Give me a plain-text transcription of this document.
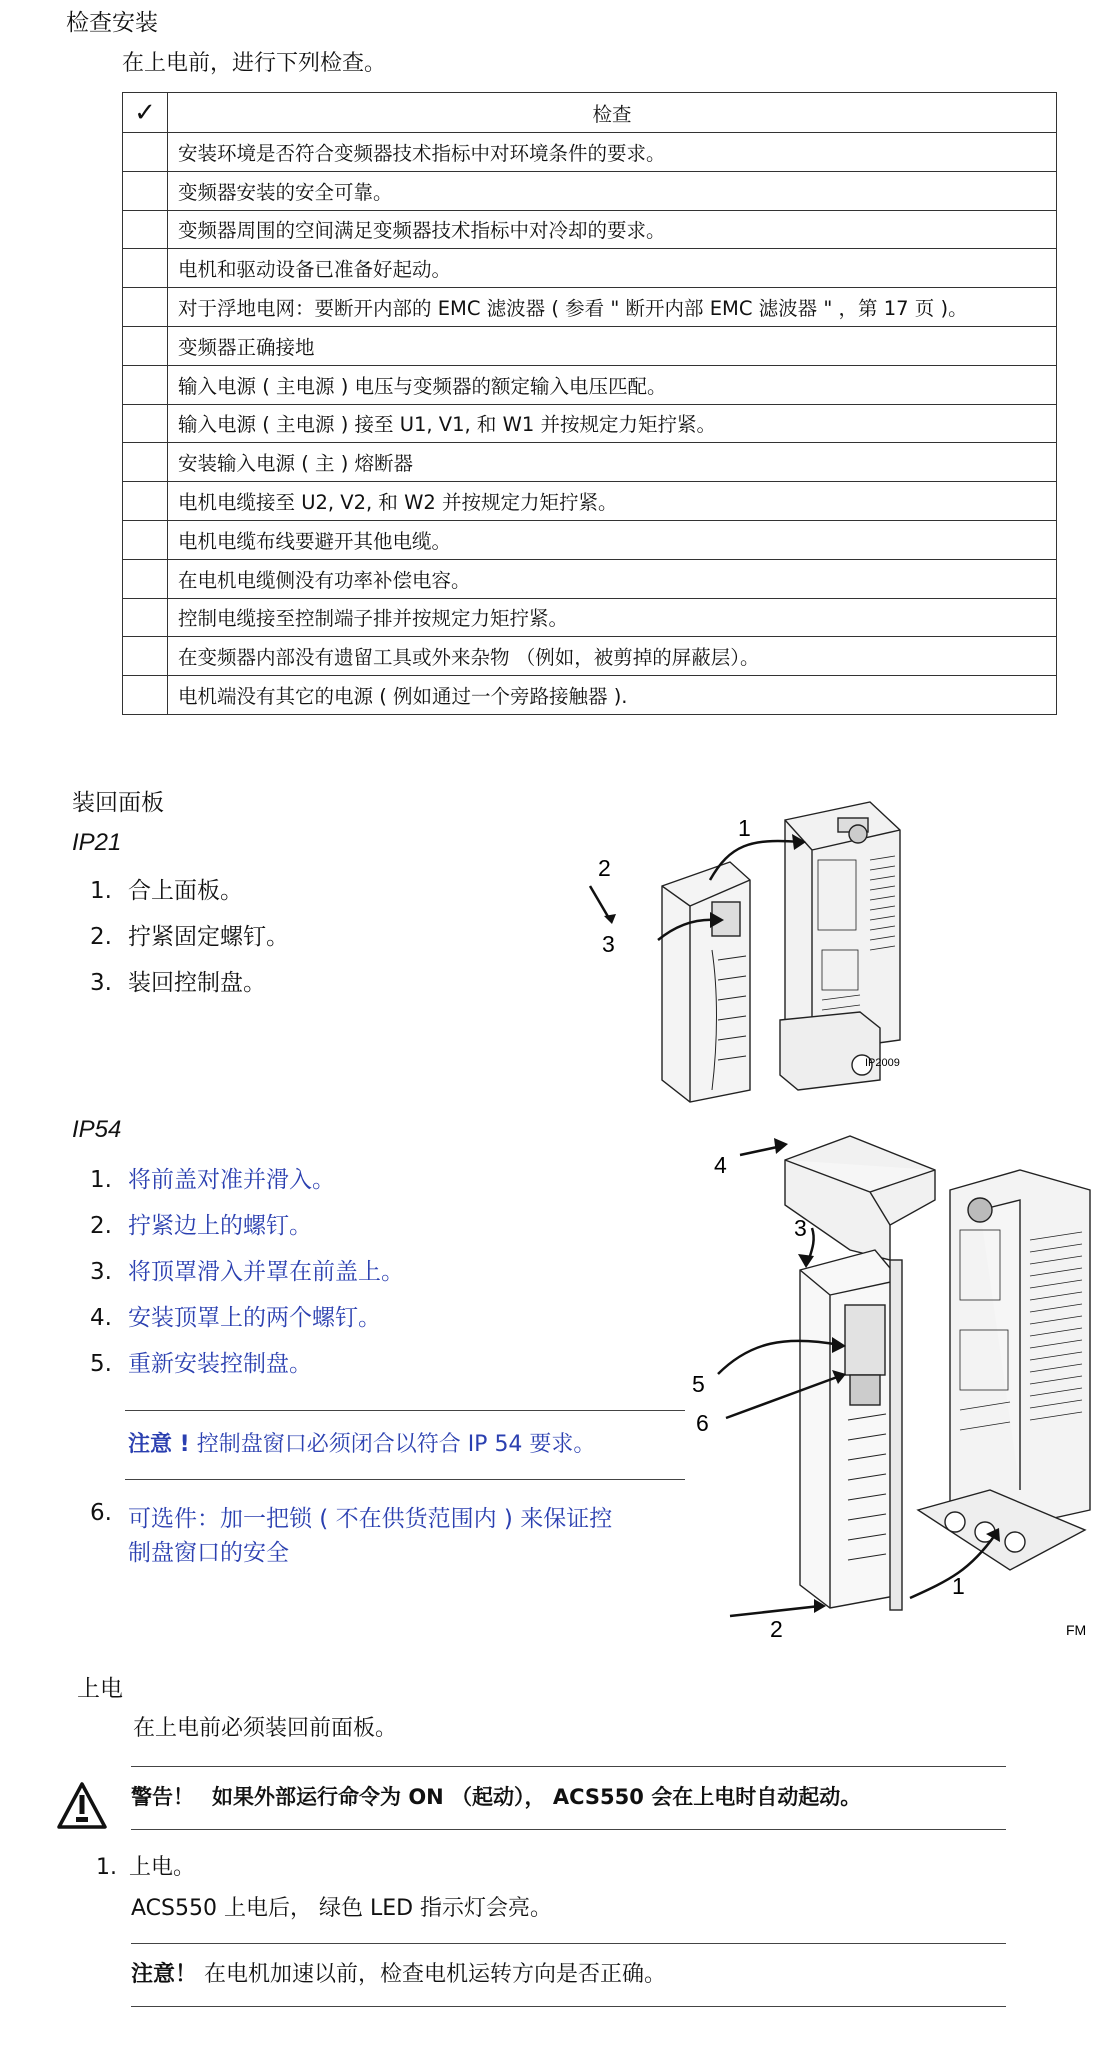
检查安装
在上电前，进行下列检查。
✓	检查
	安装环境是否符合变频器技术指标中对环境条件的要求。
	变频器安装的安全可靠。
	变频器周围的空间满足变频器技术指标中对冷却的要求。
	电机和驱动设备已准备好起动。
	对于浮地电网：要断开内部的 EMC 滤波器 ( 参看 " 断开内部 EMC 滤波器 " ，第 17 页 )。
	变频器正确接地
	输入电源 ( 主电源 ) 电压与变频器的额定输入电压匹配。
	输入电源 ( 主电源 ) 接至 U1, V1, 和 W1 并按规定力矩拧紧。
	安装输入电源 ( 主 ) 熔断器
	电机电缆接至 U2, V2, 和 W2 并按规定力矩拧紧。
	电机电缆布线要避开其他电缆。
	在电机电缆侧没有功率补偿电容。
	控制电缆接至控制端子排并按规定力矩拧紧。
	在变频器内部没有遗留工具或外来杂物 （例如，被剪掉的屏蔽层）。
	电机端没有其它的电源 ( 例如通过一个旁路接触器 ).
装回面板
IP21
1. 合上面板。
2. 拧紧固定螺钉。
3. 装回控制盘。
1
2
3
IP2009
IP54
1. 将前盖对准并滑入。
2. 拧紧边上的螺钉。
3. 将顶罩滑入并罩在前盖上。
4. 安装顶罩上的两个螺钉。
5. 重新安装控制盘。
注意 ! 控制盘窗口必须闭合以符合 IP 54 要求。
6. 可选件：加一把锁 ( 不在供货范围内 ) 来保证控
制盘窗口的安全
4
3
5
6
1
2	FM
上电
在上电前必须装回前面板。
警告！ 如果外部运行命令为 ON （起动）， ACS550 会在上电时自动起动。
1. 上电。
ACS550 上电后， 绿色 LED 指示灯会亮。
注意！ 在电机加速以前，检查电机运转方向是否正确。
